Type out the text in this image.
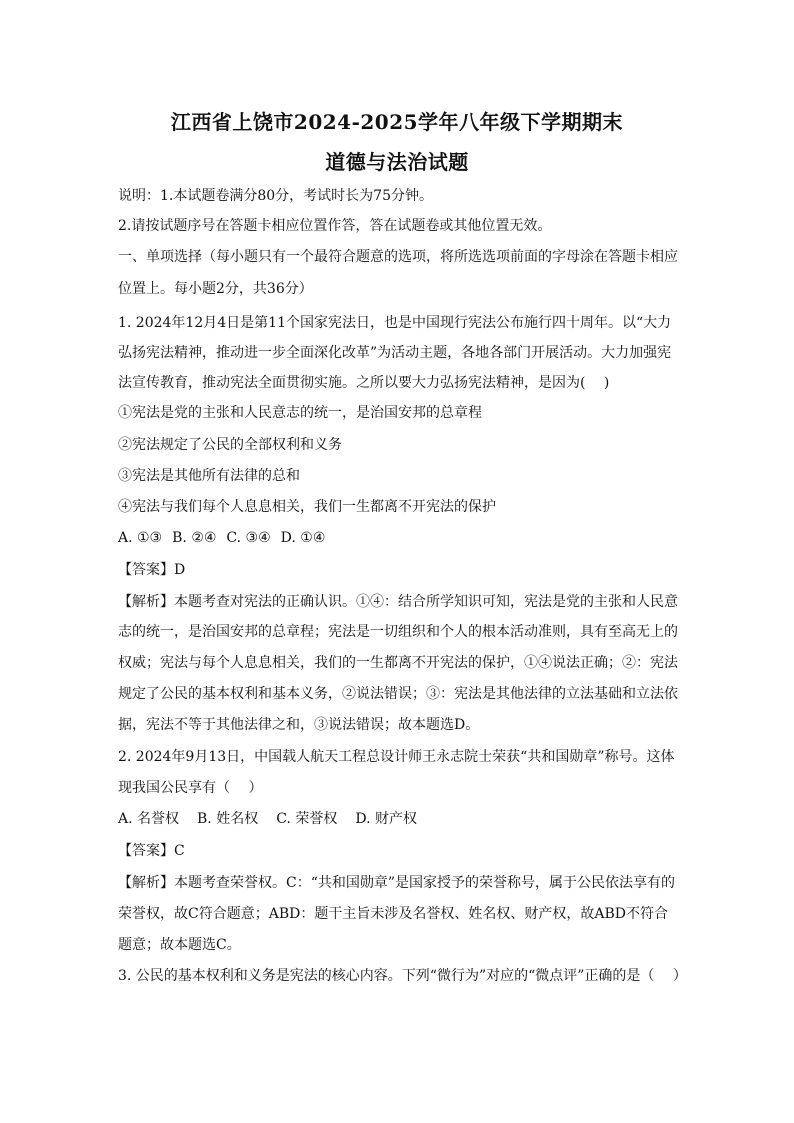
江西省上饶市2024-2025学年八年级下学期期末
道德与法治试题
说明：1.本试题卷满分80分，考试时长为75分钟。
2.请按试题序号在答题卡相应位置作答，答在试题卷或其他位置无效。
一、单项选择（每小题只有一个最符合题意的选项，将所选选项前面的字母涂在答题卡相应
位置上。每小题2分，共36分）
1. 2024年12月4日是第11个国家宪法日，也是中国现行宪法公布施行四十周年。以“大力
弘扬宪法精神，推动进一步全面深化改革”为活动主题，各地各部门开展活动。大力加强宪
法宣传教育，推动宪法全面贯彻实施。之所以要大力弘扬宪法精神，是因为(　 )
①宪法是党的主张和人民意志的统一，是治国安邦的总章程
②宪法规定了公民的全部权利和义务
③宪法是其他所有法律的总和
④宪法与我们每个人息息相关，我们一生都离不开宪法的保护
A. ①③ B. ②④ C. ③④ D. ①④
【答案】D
【解析】本题考查对宪法的正确认识。①④：结合所学知识可知，宪法是党的主张和人民意
志的统一，是治国安邦的总章程；宪法是一切组织和个人的根本活动准则，具有至高无上的
权威；宪法与每个人息息相关，我们的一生都离不开宪法的保护，①④说法正确；②：宪法
规定了公民的基本权利和基本义务，②说法错误；③：宪法是其他法律的立法基础和立法依
据，宪法不等于其他法律之和，③说法错误；故本题选D。
2. 2024年9月13日，中国载人航天工程总设计师王永志院士荣获“共和国勋章”称号。这体
现我国公民享有（　 ）
A. 名誉权 B. 姓名权 C. 荣誉权 D. 财产权
【答案】C
【解析】本题考查荣誉权。C：“共和国勋章”是国家授予的荣誉称号，属于公民依法享有的
荣誉权，故C符合题意；ABD：题干主旨未涉及名誉权、姓名权、财产权，故ABD不符合
题意；故本题选C。
3. 公民的基本权利和义务是宪法的核心内容。下列“微行为”对应的“微点评”正确的是（　 ）
